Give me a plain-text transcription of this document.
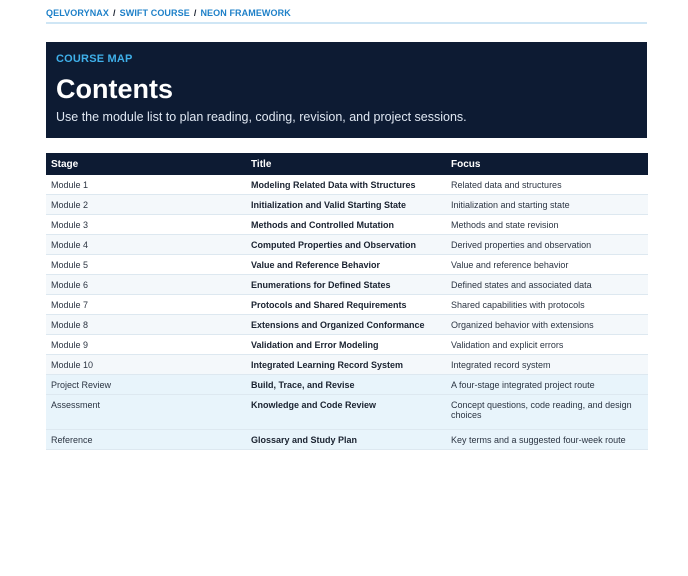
QELVORYNAX / SWIFT COURSE / NEON FRAMEWORK
COURSE MAP
Contents
Use the module list to plan reading, coding, revision, and project sessions.
Stage	Title	Focus
Module 1	Modeling Related Data with Structures	Related data and structures
Module 2	Initialization and Valid Starting State	Initialization and starting state
Module 3	Methods and Controlled Mutation	Methods and state revision
Module 4	Computed Properties and Observation	Derived properties and observation
Module 5	Value and Reference Behavior	Value and reference behavior
Module 6	Enumerations for Defined States	Defined states and associated data
Module 7	Protocols and Shared Requirements	Shared capabilities with protocols
Module 8	Extensions and Organized Conformance	Organized behavior with extensions
Module 9	Validation and Error Modeling	Validation and explicit errors
Module 10	Integrated Learning Record System	Integrated record system
Project Review	Build, Trace, and Revise	A four-stage integrated project route
Assessment	Knowledge and Code Review	Concept questions, code reading, and design choices
Reference	Glossary and Study Plan	Key terms and a suggested four-week route
